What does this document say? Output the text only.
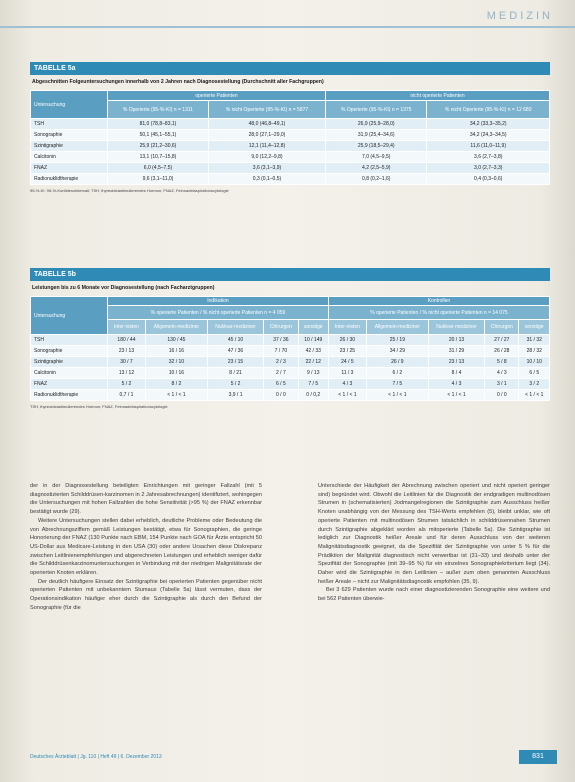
MEDIZIN
TABELLE 5a
Abgeschnitten Folgeuntersuchungen innerhalb von 2 Jahren nach Diagnosestellung (Durchschnitt aller Fachgruppen)
Untersuchung	operierte Patienten		nicht operierte Patienten	
	% Operierte (95-%-KI) n = 1311	% nicht Operierte (95-%-KI) n = 5877	% Operierte (95-%-KI) n = 1375	% nicht Operierte (95-%-KI) n = 12 680
TSH	81,0 (78,8–83,1)	48,0 (46,8–49,1)	26,9 (25,9–28,0)	34,2 (33,3–35,2)
Sonographie	50,1 (45,1–55,1)	28,0 (27,1–29,0)	31,9 (25,4–34,6)	34,2 (24,3–34,5)
Szintigraphie	25,9 (21,2–30,6)	12,1 (11,4–12,8)	25,9 (18,5–29,4)	11,6 (11,0–11,9)
Calcitonin	13,1 (10,7–15,8)	9,0 (12,2–9,8)	7,0 (4,5–9,5)	3,6 (2,7–3,8)
FNAZ	6,0 (4,5–7,5)	3,6 (3,1–3,9)	4,2 (2,5–5,9)	3,0 (2,7–3,3)
Radionuklidtherapie	9,6 (3,1–11,0)	0,3 (0,1–0,5)	0,8 (0,2–1,6)	0,4 (0,3–0,6)
95-%-KI, 95-%-Konfidenzintervall; TSH, thyreoideastimulierendes Hormon; FNAZ, Feinnadelaspirationszytologie
TABELLE 5b
Leistungen bis zu 6 Monate vor Diagnosestellung (nach Facharztgruppen)
Untersuchung	Indikation					Kontrollen				
	% operierte Patienten / % nicht operierte Patienten n = 4 059					% operierte Patienten / % nicht operierte Patienten n = 14 075				
	Inter-nisten	Allgemein-mediziner	Nuklear-mediziner	Chirurgen	sonstige	Inter-nisten	Allgemein-mediziner	Nuklear-mediziner	Chirurgen	sonstige
TSH	180 / 44	130 / 45	45 / 10	37 / 36	10 / 149	26 / 30	25 / 19	20 / 13	27 / 27	31 / 32
Sonographie	23 / 13	16 / 16	47 / 36	7 / 70	42 / 33	23 / 25	34 / 29	31 / 29	26 / 28	28 / 32
Szintigraphie	30 / 7	32 / 10	23 / 15	2 / 3	22 / 12	24 / 5	26 / 9	23 / 13	5 / 8	10 / 10
Calcitonin	13 / 12	10 / 16	8 / 21	2 / 7	9 / 13	11 / 3	6 / 2	8 / 4	4 / 3	6 / 5
FNAZ	5 / 2	8 / 2	5 / 2	6 / 5	7 / 5	4 / 3	7 / 5	4 / 3	3 / 1	3 / 2
Radionuklidtherapie	0,7 / 1	< 1 / < 1	3,9 / 1	0 / 0	0 / 0,2	< 1 / < 1	< 1 / < 1	< 1 / < 1	0 / 0	< 1 / < 1
TSH, thyreoideastimulierendes Hormon; FNAZ, Feinnadelaspirationszytologie

der in der Diagnosestellung beteiligten Einrichtungen mit geringer Fallzahl (mit 5 diagnostizierten Schilddrüsen-karzinomen in 2 Jahresabrechnungen) identifiziert, wohingegen die Untersuchungen mit hohen Fallzahlen die hohe Sensitivität (>95 %) der FNAZ erkennbar bestätigt wurde (29).

Weitere Untersuchungen stellen dabei erheblich, deutliche Probleme oder Bedeutung die von Abrechnungsziffern gemäß Leistungen bestätigt, etwa für Sonographien, die geringe Honorierung der FNAZ (130 Punkte nach EBM, 154 Punkte nach GOA für Ärzte entspricht 50 US-Dollar aus Medicare-Leistung in den USA (30) oder andere Ursachen diese Diskrepanz zwischen Leitlinienempfehlungen und abgerechneten Leistungen und erheblich weniger dafür die Schilddrüsenkarzinomuntersuchungen in Verbindung mit der niedrigen Malignitätsrate der operierten Knoten erklären.

Der deutlich häufigere Einsatz der Szintigraphie bei operierten Patienten gegenüber nicht operierten Patienten mit unbekanntem Stumaus (Tabelle 5a) lässt vermuten, dass der Operationsindikation häufiger eher durch die Szintigraphie als durch den Befund der Sonographie (für die

Unterschiede der Häufigkeit der Abrechnung zwischen operiert und nicht operiert geringer sind) begründet wird. Obwohl die Leitlinien für die Diagnostik der endgradigen multinodösen Strumen in (schematisierten) Jodmangelregionen die Szintigraphie zum Ausschluss heißer Knoten unabhängig von der Messung des TSH-Werts empfehlen (5), bleibt unklar, wie oft operierte Patienten mit multinodösen Strumen tatsächlich in schilddrüsennahen Strumen durch Szintigraphie abgeklärt worden als mitoperierte (Tabelle 5a). Die Szintigraphie ist lediglich zur Diagnostik heißer Areale und für deren Ausschluss von der weiteren Malignitätsdiagnostik geeignet, da die Spezifität der Szintigraphie von unter 5 % für die Prädiktion der Malignität diagnostisch nicht verwertbar ist (31–33) und deshalb unter der Spezifität der Sonographie (mit 39–95 %) für ein einzelnes Sonographiekriterium liegt (34). Daher wird die Szintigraphie in den Leitlinien – außer zum oben genannten Ausschluss heißer Areale – nicht zur Malignitätsdiagnostik empfohlen (35, 9).

Bei 3 629 Patienten wurde nach einer diagnostizierenden Sonographie eine weitere und bei 562 Patienten überwie-

Deutsches Ärzteblatt | Jg. 110 | Heft 49 | 6. Dezember 2013	831
